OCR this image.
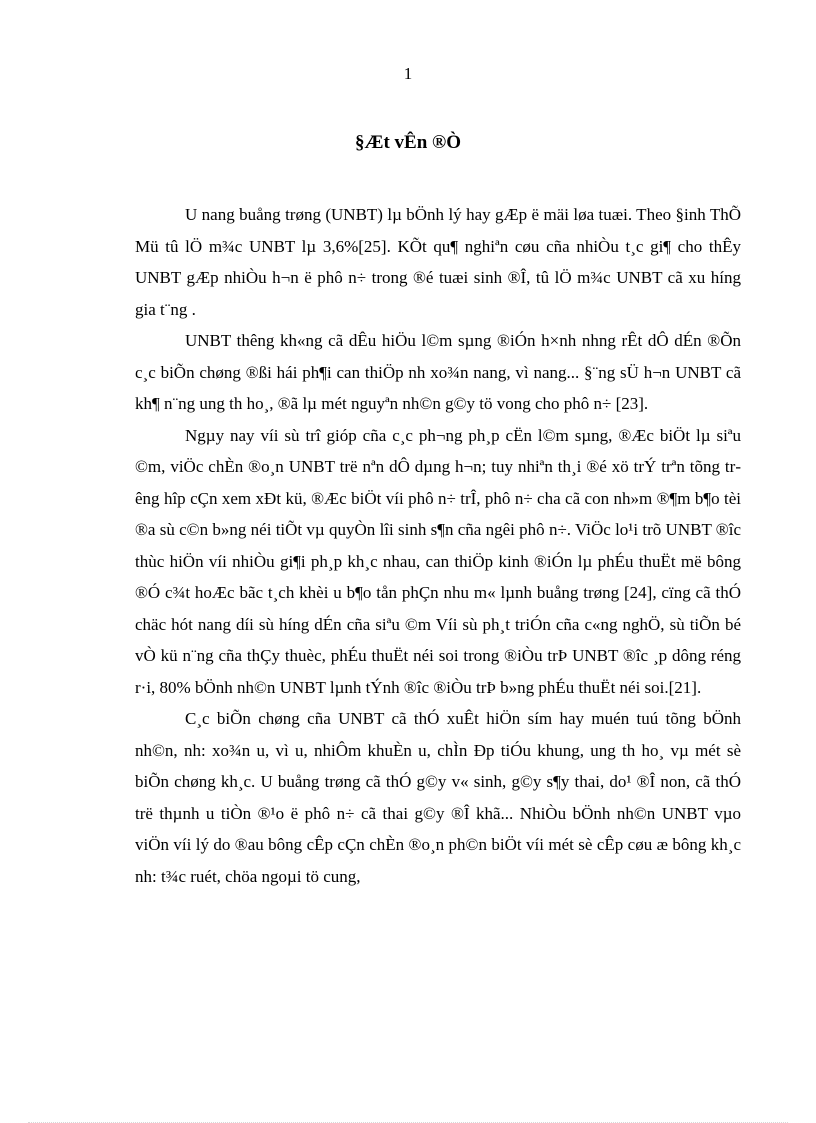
1
§Æt vÊn ®Ò

U nang buång trøng (UNBT) lµ bÖnh lý hay gÆp ë mäi løa tuæi. Theo §inh ThÕ Mü tû lÖ m¾c UNBT lµ 3,6%[25]. KÕt qu¶ nghiªn cøu cña nhiÒu t¸c gi¶ cho thÊy UNBT gÆp nhiÒu h¬n ë phô n÷ trong ®é tuæi sinh ®Î, tû lÖ m¾c UNBT cã xu híng gia t¨ng .

UNBT thêng kh«ng cã dÊu hiÖu l©m sµng ®iÓn h×nh nhng rÊt dÔ dÉn ®Õn c¸c biÕn chøng ®ßi hái ph¶i can thiÖp nh xo¾n nang, vì nang... §¨ng sÜ h¬n UNBT cã kh¶ n¨ng ung th ho¸, ®ã lµ mét nguyªn nh©n g©y tö vong cho phô n÷ [23].

Ngµy nay víi sù trî gióp cña c¸c ph¬ng ph¸p cËn l©m sµng, ®Æc biÖt lµ siªu ©m, viÖc chÈn ®o¸n UNBT trë nªn dÔ dµng h¬n; tuy nhiªn th¸i ®é xö trÝ trªn tõng trêng hîp cÇn xem xÐt kü, ®Æc biÖt víi phô n÷ trÎ, phô n÷ cha cã con nh»m ®¶m b¶o tèi ®a sù c©n b»ng néi tiÕt vµ quyÒn lîi sinh s¶n cña ngêi phô n÷. ViÖc lo¹i trõ UNBT ®îc thùc hiÖn víi nhiÒu gi¶i ph¸p kh¸c nhau, can thiÖp kinh ®iÓn lµ phÉu thuËt më bông ®Ó c¾t hoÆc bãc t¸ch khèi u b¶o tån phÇn nhu m« lµnh buång trøng [24], cïng cã thÓ chäc hót nang díi sù híng dÉn cña siªu ©m Víi sù ph¸t triÓn cña c«ng nghÖ, sù tiÕn bé vÒ kü n¨ng cña thÇy thuèc, phÉu thuËt néi soi trong ®iÒu trÞ UNBT ®îc ¸p dông réng r·i, 80% bÖnh nh©n UNBT lµnh tÝnh ®îc ®iÒu trÞ b»ng phÉu thuËt néi soi.[21].

C¸c biÕn chøng cña UNBT cã thÓ xuÊt hiÖn sím hay muén tuú tõng bÖnh nh©n, nh: xo¾n u, vì u, nhiÔm khuÈn u, chÌn Ðp tiÓu khung, ung th ho¸ vµ mét sè biÕn chøng kh¸c. U buång trøng cã thÓ g©y v« sinh, g©y s¶y thai, do¹ ®Î non, cã thÓ trë thµnh u tiÒn ®¹o ë phô n÷ cã thai g©y ®Î khã... NhiÒu bÖnh nh©n UNBT vµo viÖn víi lý do ®au bông cÊp cÇn chÈn ®o¸n ph©n biÖt víi mét sè cÊp cøu æ bông kh¸c nh: t¾c ruét, chöa ngoµi tö cung,
